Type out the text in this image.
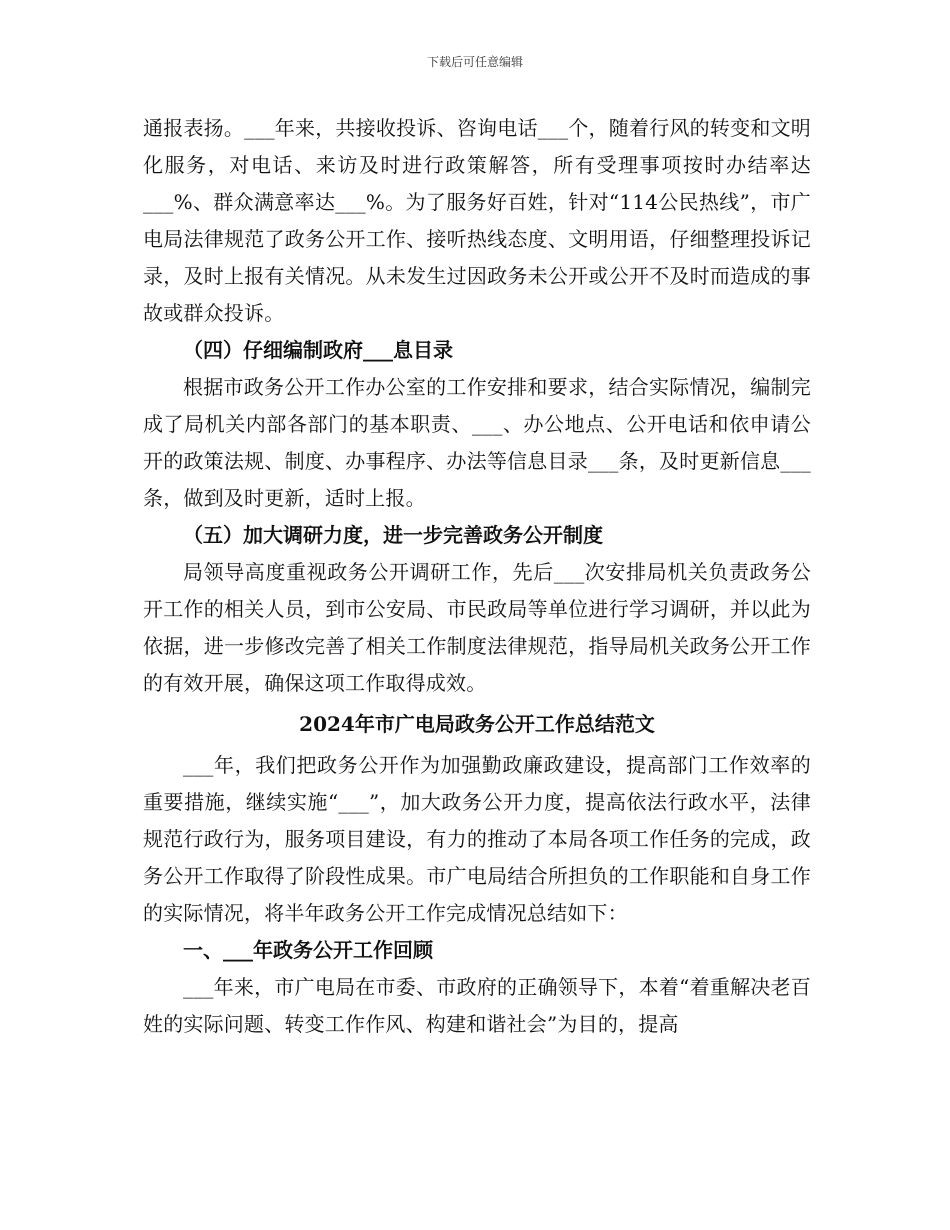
下载后可任意编辑

通报表扬。___年来，共接收投诉、咨询电话___个，随着行风的转变和文明化服务，对电话、来访及时进行政策解答，所有受理事项按时办结率达___%、群众满意率达___%。为了服务好百姓，针对“114公民热线”，市广电局法律规范了政务公开工作、接听热线态度、文明用语，仔细整理投诉记录，及时上报有关情况。从未发生过因政务未公开或公开不及时而造成的事故或群众投诉。

（四）仔细编制政府___息目录

根据市政务公开工作办公室的工作安排和要求，结合实际情况，编制完成了局机关内部各部门的基本职责、___、办公地点、公开电话和依申请公开的政策法规、制度、办事程序、办法等信息目录___条，及时更新信息___条，做到及时更新，适时上报。

（五）加大调研力度，进一步完善政务公开制度

局领导高度重视政务公开调研工作，先后___次安排局机关负责政务公开工作的相关人员，到市公安局、市民政局等单位进行学习调研，并以此为依据，进一步修改完善了相关工作制度法律规范，指导局机关政务公开工作的有效开展，确保这项工作取得成效。

2024年市广电局政务公开工作总结范文

___年，我们把政务公开作为加强勤政廉政建设，提高部门工作效率的重要措施，继续实施“___”，加大政务公开力度，提高依法行政水平，法律规范行政行为，服务项目建设，有力的推动了本局各项工作任务的完成，政务公开工作取得了阶段性成果。市广电局结合所担负的工作职能和自身工作的实际情况，将半年政务公开工作完成情况总结如下：

一、___年政务公开工作回顾

___年来，市广电局在市委、市政府的正确领导下，本着“着重解决老百姓的实际问题、转变工作作风、构建和谐社会”为目的，提高
